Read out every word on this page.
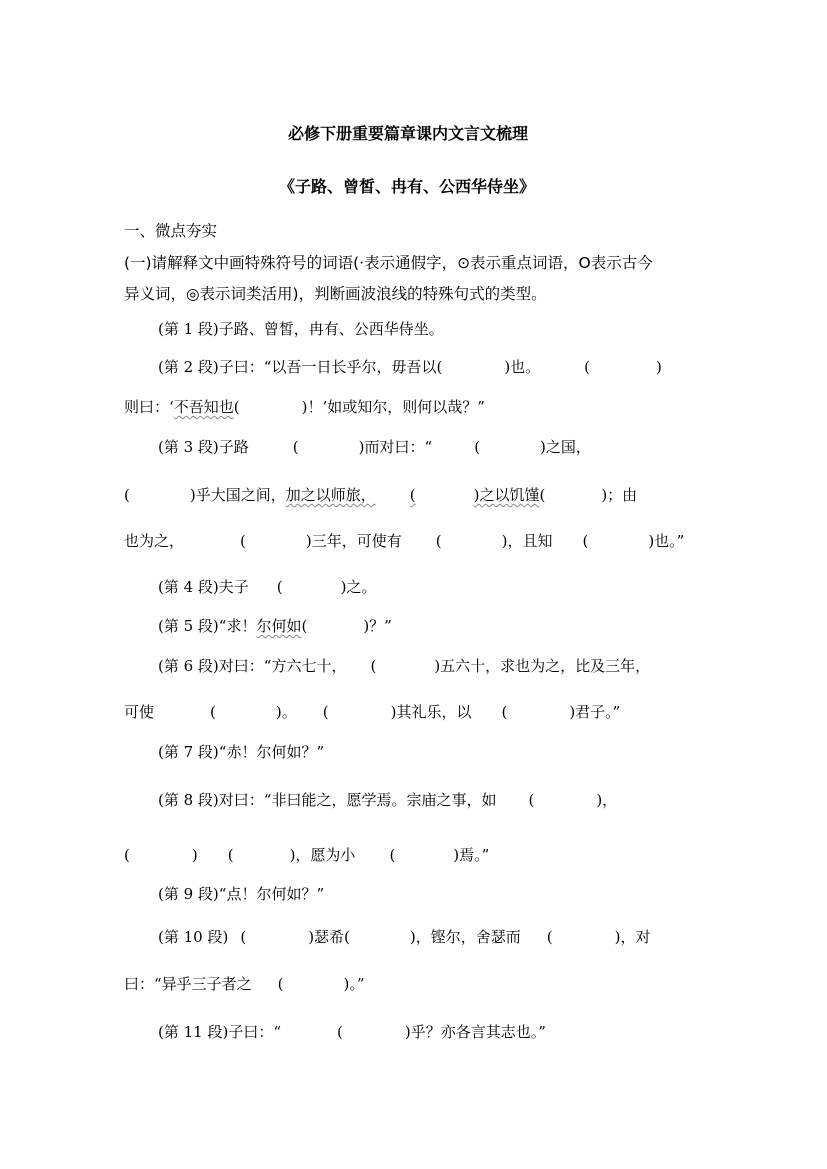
必修下册重要篇章课内文言文梳理
《子路、曾皙、冉有、公西华侍坐》
一、微点夯实
(一)请解释文中画特殊符号的词语(·表示通假字，⊙表示重点词语，O表示古今
异义词，◎表示词类活用)，判断画波浪线的特殊句式的类型。
(第 1 段)子路、曾皙，冉有、公西华侍坐。
(第 2 段)子曰：“以吾一日长乎尔，毋吾以(	)也。	(	)
则曰：‘不吾知也(	)！’如或知尔，则何以哉？”
(第 3 段)子路	(	)而对曰：“	(	)之国，
(	)乎大国之间，加之以师旅， (	)之以饥馑(	)；由
也为之，	(	)三年，可使有 (	)，且知 (	)也。”
(第 4 段)夫子 (	)之。
(第 5 段)“求！尔何如(	)？”
(第 6 段)对曰：“方六七十， (	)五六十，求也为之，比及三年，
可使	(	)。 (	)其礼乐，以 (	)君子。”
(第 7 段)“赤！尔何如？”
(第 8 段)对曰：“非曰能之，愿学焉。宗庙之事，如 (	)，
(	) (	)，愿为小 (	)焉。”
(第 9 段)“点！尔何如？”
(第 10 段) (	)瑟希(	)，铿尔，舍瑟而 (	)，对
曰：“异乎三子者之 (	)。”
(第 11 段)子曰：“	(	)乎？亦各言其志也。”
